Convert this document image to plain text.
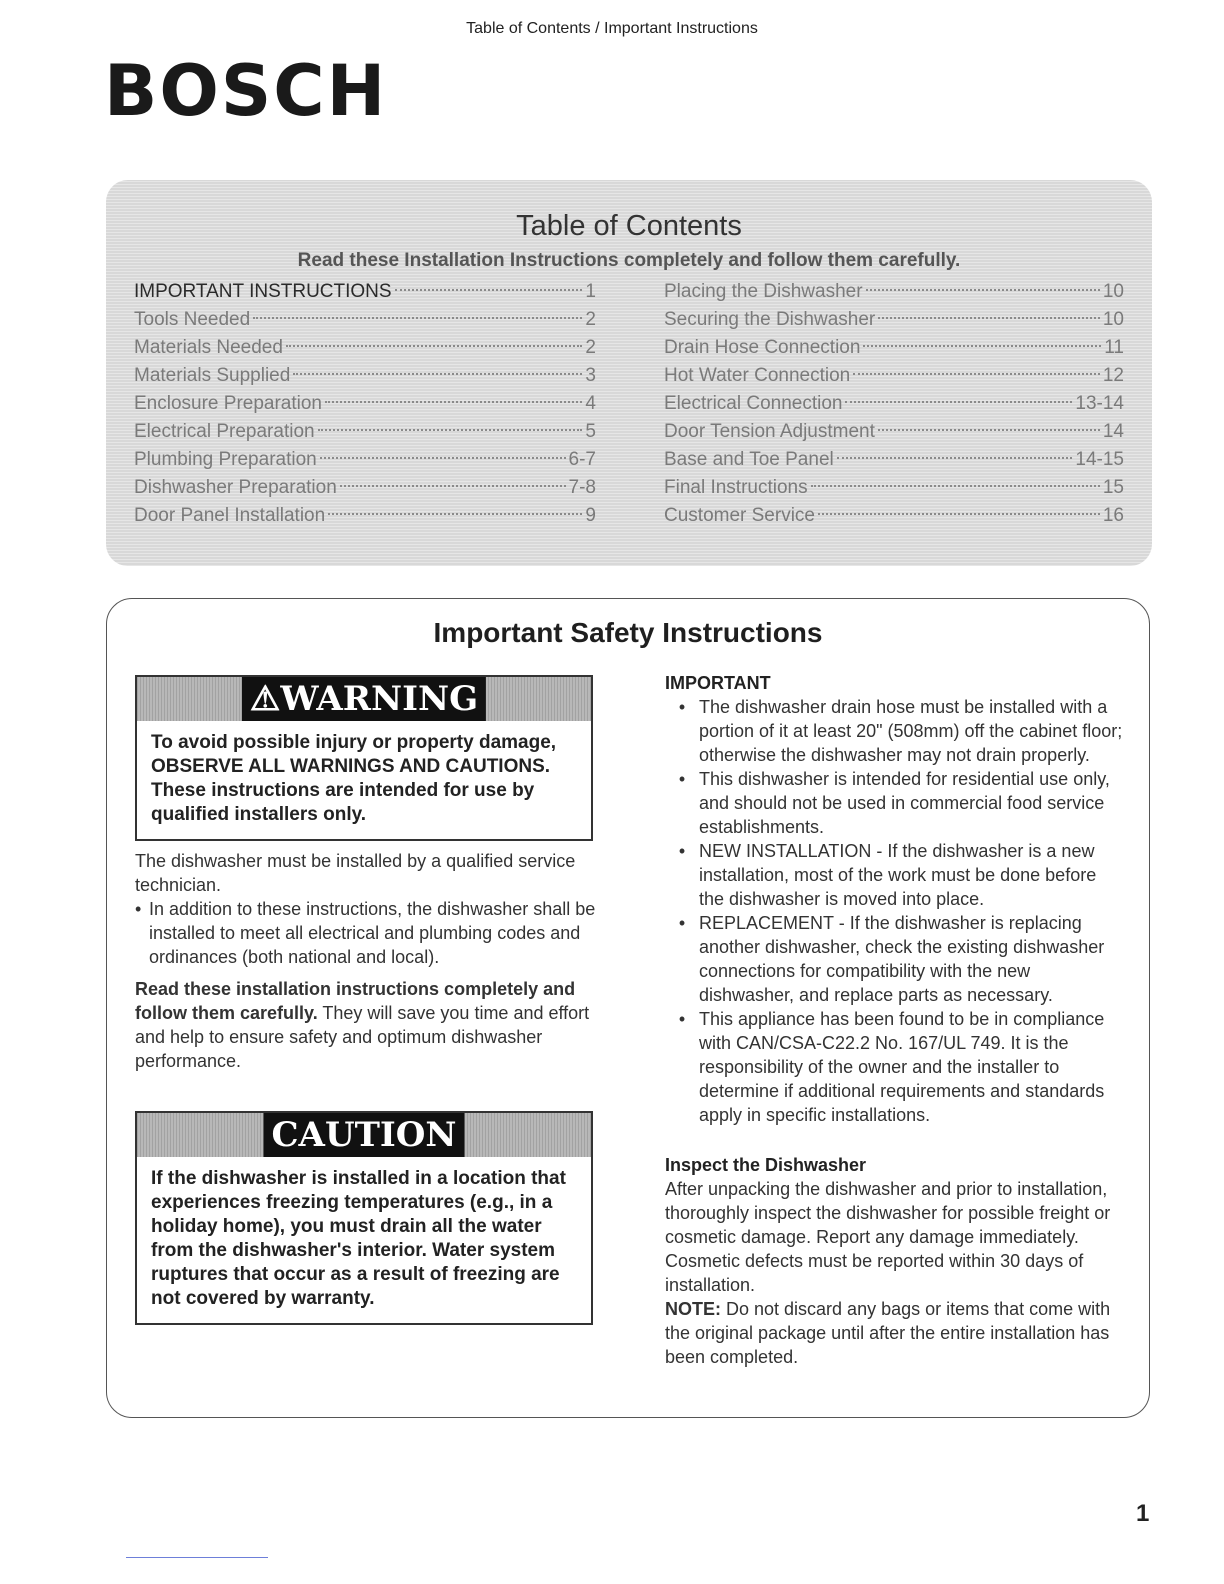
Table of Contents / Important Instructions
BOSCH
Table of Contents
Read these Installation Instructions completely and follow them carefully.
IMPORTANT INSTRUCTIONS	1
Tools Needed	2
Materials Needed	2
Materials Supplied	3
Enclosure Preparation	4
Electrical Preparation	5
Plumbing Preparation	6-7
Dishwasher Preparation	7-8
Door Panel Installation	9
Placing the Dishwasher	10
Securing the Dishwasher	10
Drain Hose Connection	11
Hot Water Connection	12
Electrical Connection	13-14
Door Tension Adjustment	14
Base and Toe Panel	14-15
Final Instructions	15
Customer Service	16
Important Safety Instructions
⚠WARNING
To avoid possible injury or property damage, OBSERVE ALL WARNINGS AND CAUTIONS. These instructions are intended for use by qualified installers only.

The dishwasher must be installed by a qualified service technician.

• In addition to these instructions, the dishwasher shall be installed to meet all electrical and plumbing codes and ordinances (both national and local).

Read these installation instructions completely and follow them carefully. They will save you time and effort and help to ensure safety and optimum dishwasher performance.

CAUTION
If the dishwasher is installed in a location that experiences freezing temperatures (e.g., in a holiday home), you must drain all the water from the dishwasher's interior. Water system ruptures that occur as a result of freezing are not covered by warranty.
IMPORTANT
• The dishwasher drain hose must be installed with a portion of it at least 20" (508mm) off the cabinet floor; otherwise the dishwasher may not drain properly.
• This dishwasher is intended for residential use only, and should not be used in commercial food service establishments.
• NEW INSTALLATION - If the dishwasher is a new installation, most of the work must be done before the dishwasher is moved into place.
• REPLACEMENT - If the dishwasher is replacing another dishwasher, check the existing dishwasher connections for compatibility with the new dishwasher, and replace parts as necessary.
• This appliance has been found to be in compliance with CAN/CSA-C22.2 No. 167/UL 749. It is the responsibility of the owner and the installer to determine if additional requirements and standards apply in specific installations.
Inspect the Dishwasher
After unpacking the dishwasher and prior to installation, thoroughly inspect the dishwasher for possible freight or cosmetic damage. Report any damage immediately. Cosmetic defects must be reported within 30 days of installation.
NOTE: Do not discard any bags or items that come with the original package until after the entire installation has been completed.
1
